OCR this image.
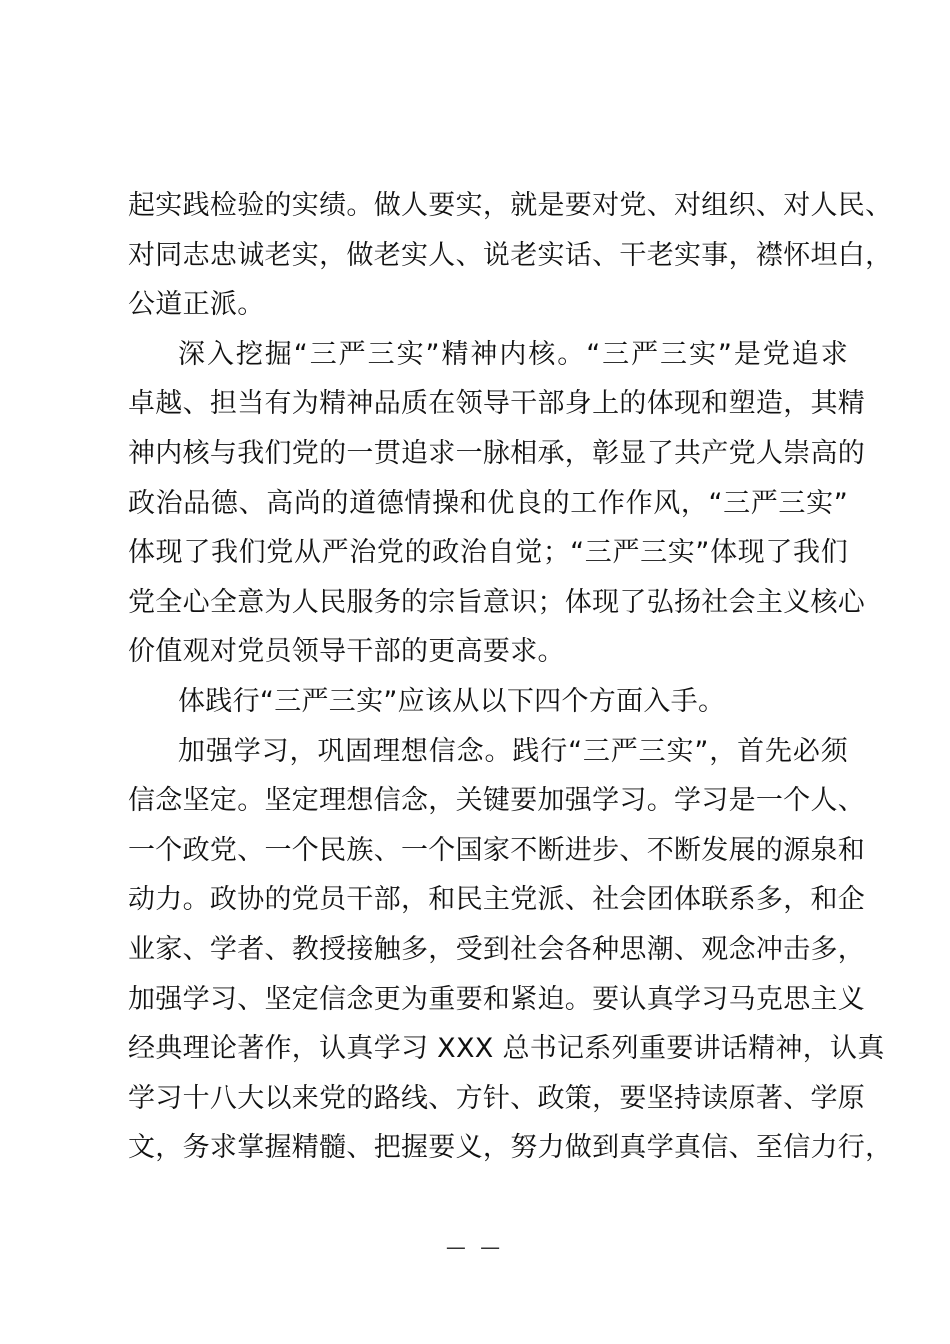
起实践检验的实绩。做人要实，就是要对党、对组织、对人民、
对同志忠诚老实，做老实人、说老实话、干老实事，襟怀坦白，
公道正派。
深入挖掘“三严三实”精神内核。“三严三实”是党追求
卓越、担当有为精神品质在领导干部身上的体现和塑造，其精
神内核与我们党的一贯追求一脉相承，彰显了共产党人崇高的
政治品德、高尚的道德情操和优良的工作作风，“三严三实”
体现了我们党从严治党的政治自觉；“三严三实”体现了我们
党全心全意为人民服务的宗旨意识；体现了弘扬社会主义核心
价值观对党员领导干部的更高要求。
体践行“三严三实”应该从以下四个方面入手。
加强学习，巩固理想信念。践行“三严三实”，首先必须
信念坚定。坚定理想信念，关键要加强学习。学习是一个人、
一个政党、一个民族、一个国家不断进步、不断发展的源泉和
动力。政协的党员干部，和民主党派、社会团体联系多，和企
业家、学者、教授接触多，受到社会各种思潮、观念冲击多，
加强学习、坚定信念更为重要和紧迫。要认真学习马克思主义
经典理论著作，认真学习 XXX 总书记系列重要讲话精神，认真
学习十八大以来党的路线、方针、政策，要坚持读原著、学原
文，务求掌握精髓、把握要义，努力做到真学真信、至信力行，
— —
